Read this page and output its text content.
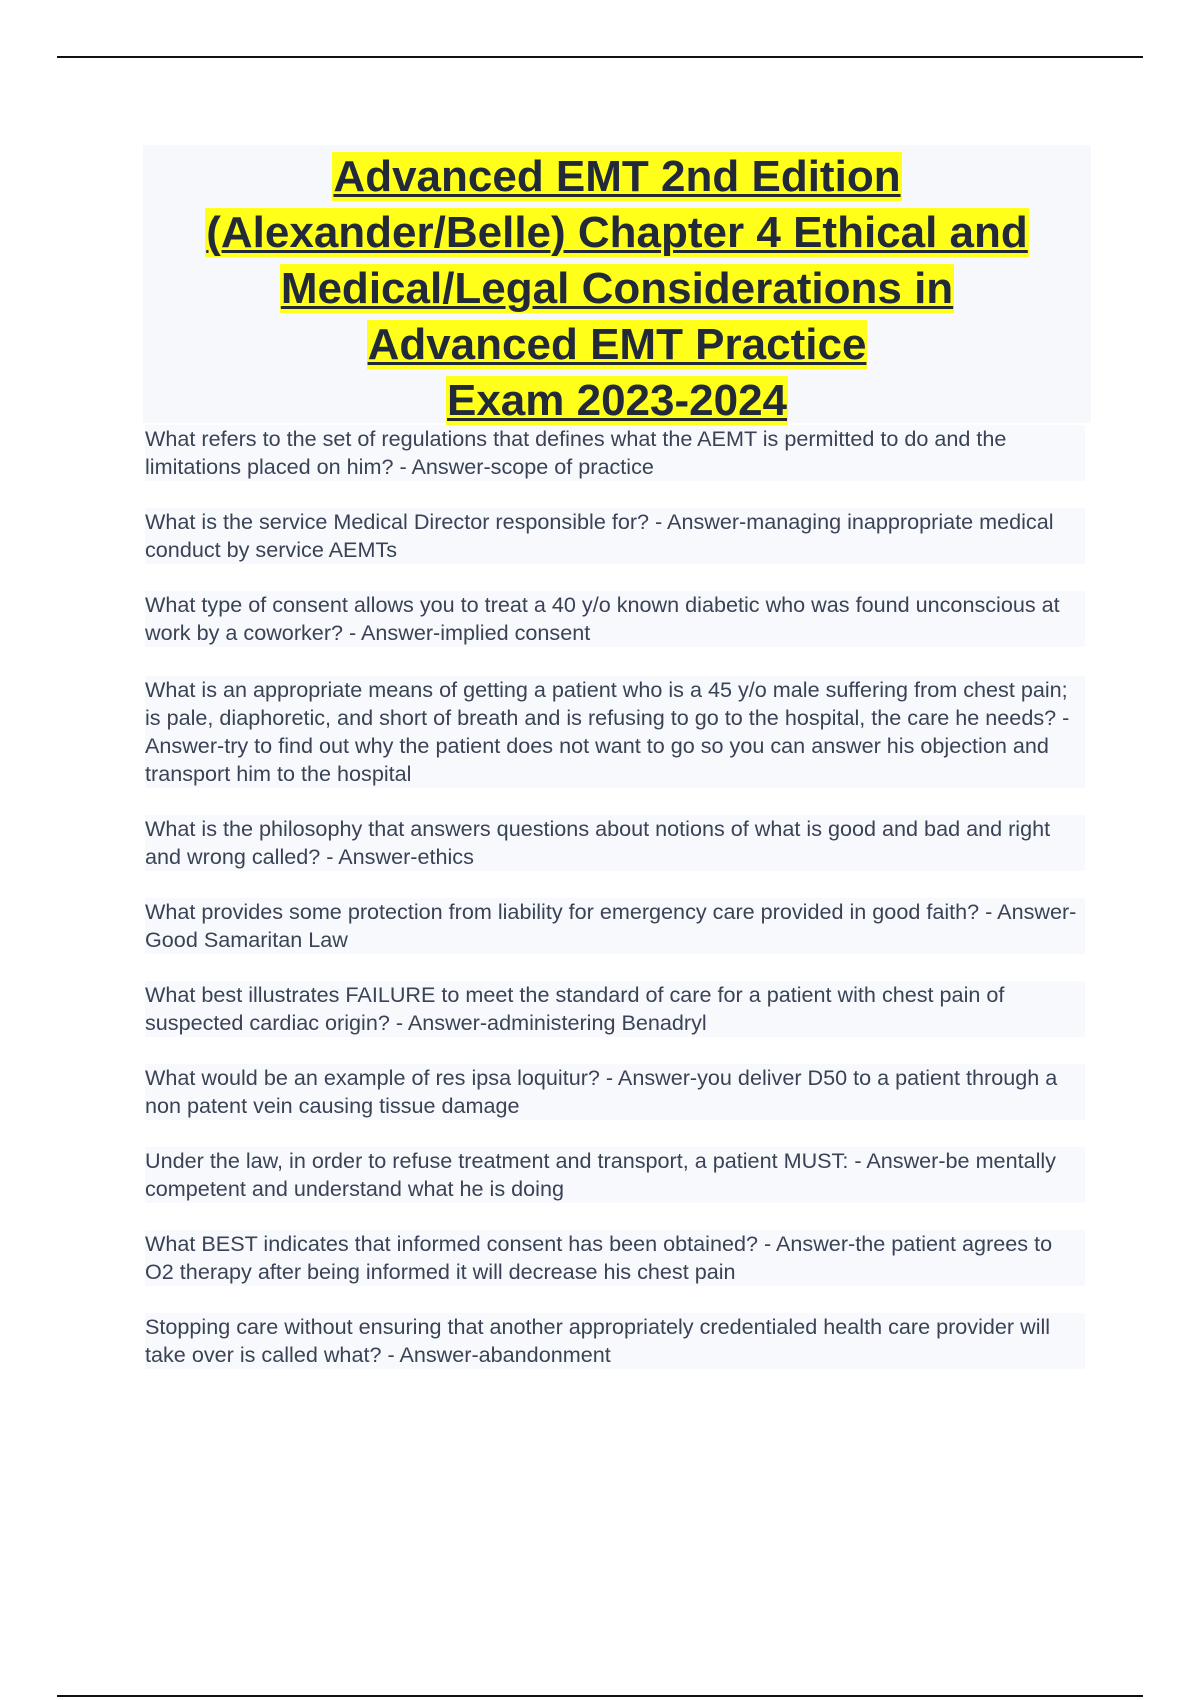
Advanced EMT 2nd Edition
(Alexander/Belle) Chapter 4 Ethical and
Medical/Legal Considerations in
Advanced EMT Practice
Exam 2023-2024
What refers to the set of regulations that defines what the AEMT is permitted to do and the limitations placed on him? - Answer-scope of practice
What is the service Medical Director responsible for? - Answer-managing inappropriate medical conduct by service AEMTs
What type of consent allows you to treat a 40 y/o known diabetic who was found unconscious at work by a coworker? - Answer-implied consent
What is an appropriate means of getting a patient who is a 45 y/o male suffering from chest pain; is pale, diaphoretic, and short of breath and is refusing to go to the hospital, the care he needs? - Answer-try to find out why the patient does not want to go so you can answer his objection and transport him to the hospital
What is the philosophy that answers questions about notions of what is good and bad and right and wrong called? - Answer-ethics
What provides some protection from liability for emergency care provided in good faith? - Answer-Good Samaritan Law
What best illustrates FAILURE to meet the standard of care for a patient with chest pain of suspected cardiac origin? - Answer-administering Benadryl
What would be an example of res ipsa loquitur? - Answer-you deliver D50 to a patient through a non patent vein causing tissue damage
Under the law, in order to refuse treatment and transport, a patient MUST: - Answer-be mentally competent and understand what he is doing
What BEST indicates that informed consent has been obtained? - Answer-the patient agrees to O2 therapy after being informed it will decrease his chest pain
Stopping care without ensuring that another appropriately credentialed health care provider will take over is called what? - Answer-abandonment
